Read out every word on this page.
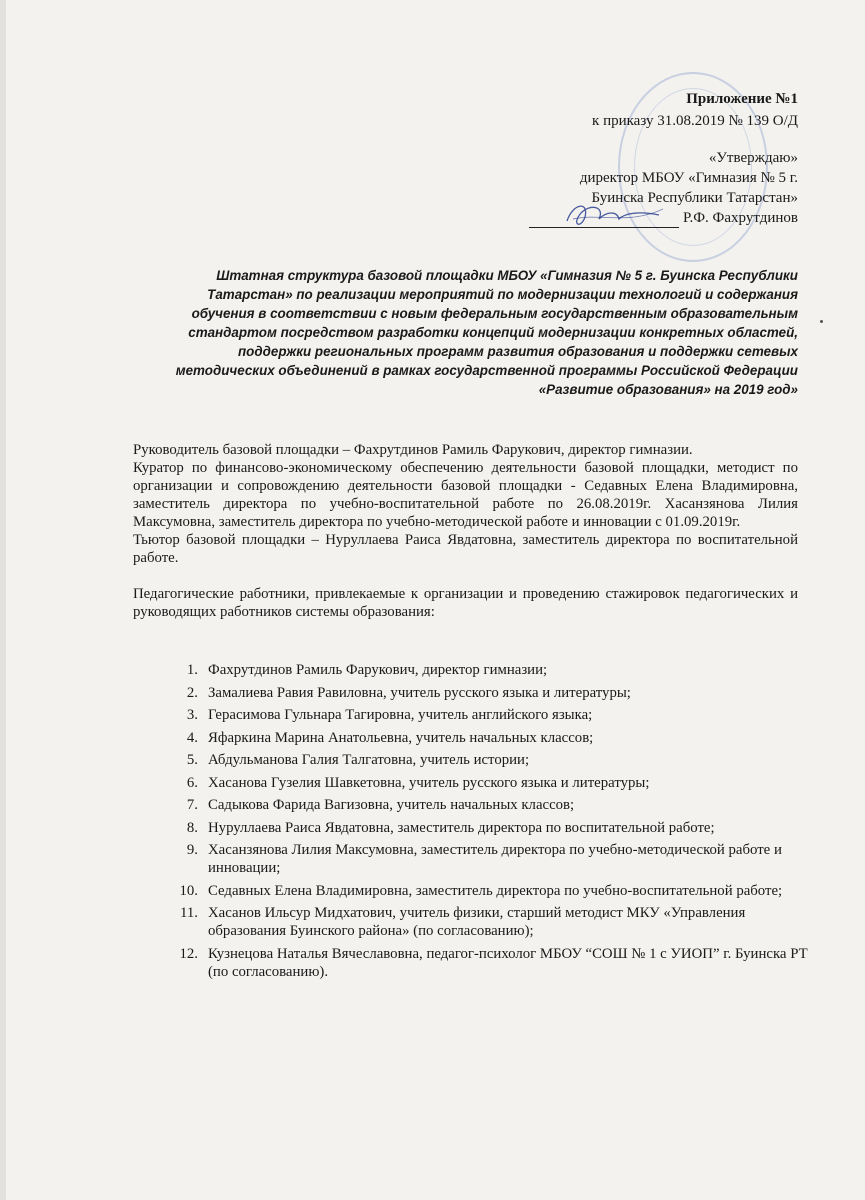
Приложение №1
к приказу 31.08.2019 № 139 О/Д
«Утверждаю»
директор МБОУ «Гимназия № 5 г.
Буинска Республики Татарстан»
Р.Ф. Фахрутдинов
Штатная структура базовой площадки МБОУ «Гимназия № 5 г. Буинска Республики
Татарстан» по реализации мероприятий по модернизации технологий и содержания
обучения в соответствии с новым федеральным государственным образовательным
стандартом посредством разработки концепций модернизации конкретных областей,
поддержки региональных программ развития образования и поддержки сетевых
методических объединений в рамках государственной программы Российской Федерации
«Развитие образования» на 2019 год»

Руководитель базовой площадки – Фахрутдинов Рамиль Фарукович, директор гимназии.

Куратор по финансово-экономическому обеспечению деятельности базовой площадки, методист по организации и сопровождению деятельности базовой площадки - Седавных Елена Владимировна, заместитель директора по учебно-воспитательной работе по 26.08.2019г. Хасанзянова Лилия Максумовна, заместитель директора по учебно-методической работе и инновации с 01.09.2019г.

Тьютор базовой площадки – Нуруллаева Раиса Явдатовна, заместитель директора по воспитательной работе.

Педагогические работники, привлекаемые к организации и проведению стажировок педагогических и руководящих работников системы образования:

1. Фахрутдинов Рамиль Фарукович, директор гимназии;
2. Замалиева Равия Равиловна, учитель русского языка и литературы;
3. Герасимова Гульнара Тагировна, учитель английского языка;
4. Яфаркина Марина Анатольевна, учитель начальных классов;
5. Абдульманова Галия Талгатовна, учитель истории;
6. Хасанова Гузелия Шавкетовна, учитель русского языка и литературы;
7. Садыкова Фарида Вагизовна, учитель начальных классов;
8. Нуруллаева Раиса Явдатовна, заместитель директора по воспитательной работе;
9. Хасанзянова Лилия Максумовна, заместитель директора по учебно-методической работе и инновации;
10. Седавных Елена Владимировна, заместитель директора по учебно-воспитательной работе;
11. Хасанов Ильсур Мидхатович, учитель физики, старший методист МКУ «Управления образования Буинского района» (по согласованию);
12. Кузнецова Наталья Вячеславовна, педагог-психолог МБОУ “СОШ № 1 с УИОП” г. Буинска РТ (по согласованию).
